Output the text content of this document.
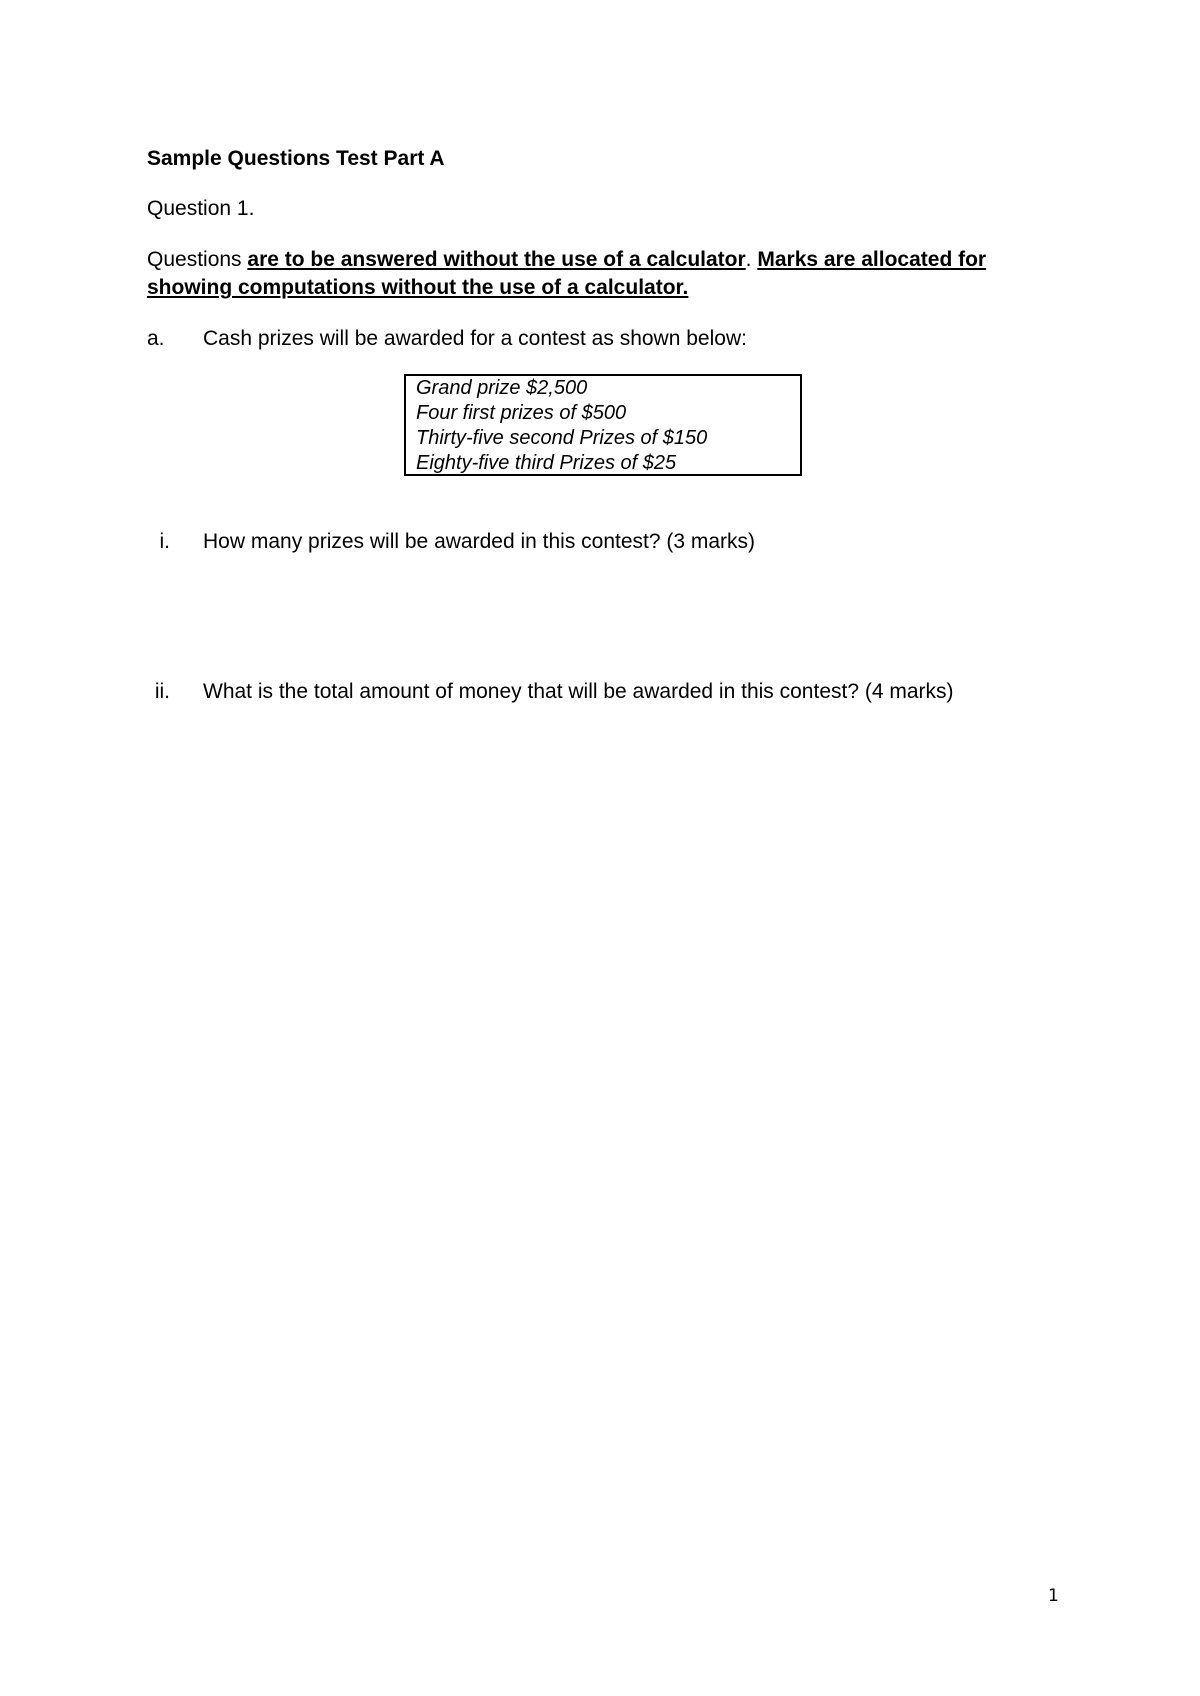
Sample Questions Test Part A
Question 1.
Questions are to be answered without the use of a calculator. Marks are allocated for showing computations without the use of a calculator.
a. Cash prizes will be awarded for a contest as shown below:
Grand prize $2,500
Four first prizes of $500
Thirty-five second Prizes of $150
Eighty-five third Prizes of $25
i. How many prizes will be awarded in this contest? (3 marks)
ii. What is the total amount of money that will be awarded in this contest? (4 marks)
1
